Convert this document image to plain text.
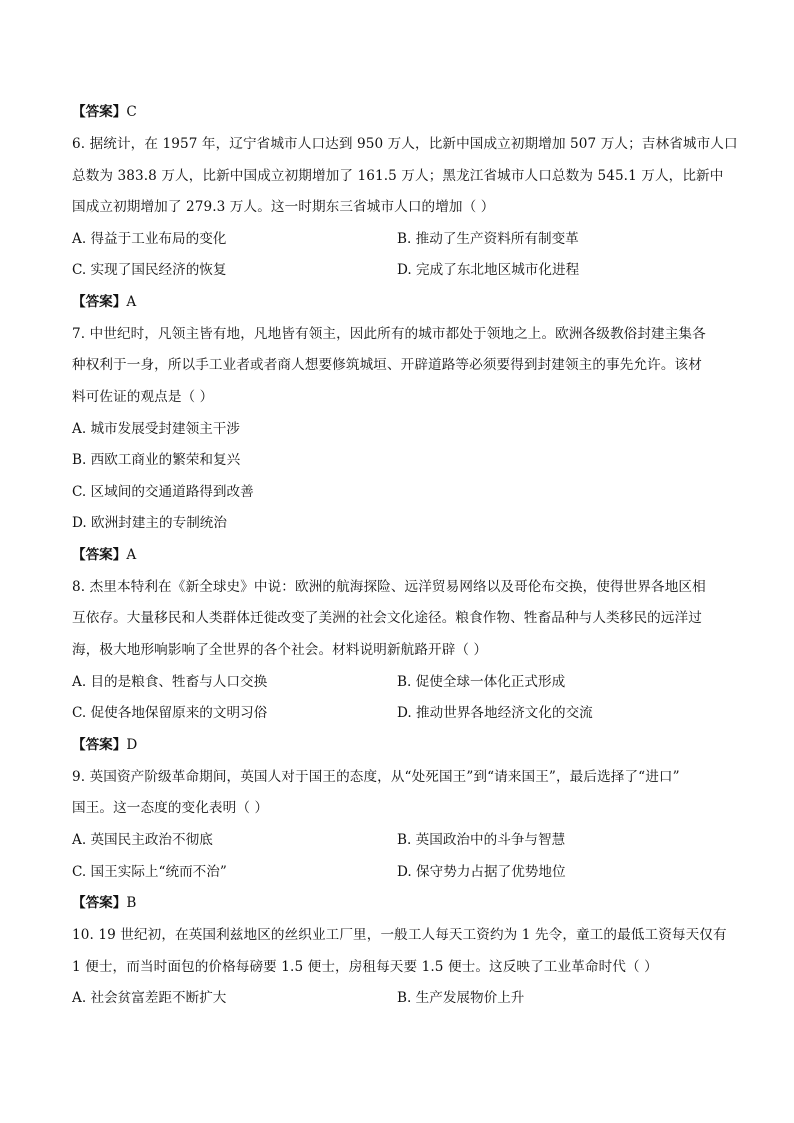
【答案】C
6. 据统计，在 1957 年，辽宁省城市人口达到 950 万人，比新中国成立初期增加 507 万人；吉林省城市人口
总数为 383.8 万人，比新中国成立初期增加了 161.5 万人；黑龙江省城市人口总数为 545.1 万人，比新中
国成立初期增加了 279.3 万人。这一时期东三省城市人口的增加（ ）
A. 得益于工业布局的变化	B. 推动了生产资料所有制变革
C. 实现了国民经济的恢复	D. 完成了东北地区城市化进程
【答案】A
7. 中世纪时，凡领主皆有地，凡地皆有领主，因此所有的城市都处于领地之上。欧洲各级教俗封建主集各
种权利于一身，所以手工业者或者商人想要修筑城垣、开辟道路等必须要得到封建领主的事先允许。该材
料可佐证的观点是（ ）
A. 城市发展受封建领主干涉
B. 西欧工商业的繁荣和复兴
C. 区域间的交通道路得到改善
D. 欧洲封建主的专制统治
【答案】A
8. 杰里本特利在《新全球史》中说：欧洲的航海探险、远洋贸易网络以及哥伦布交换，使得世界各地区相
互依存。大量移民和人类群体迁徙改变了美洲的社会文化途径。粮食作物、牲畜品种与人类移民的远洋过
海，极大地形响影响了全世界的各个社会。材料说明新航路开辟（ ）
A. 目的是粮食、牲畜与人口交换	B. 促使全球一体化正式形成
C. 促使各地保留原来的文明习俗	D. 推动世界各地经济文化的交流
【答案】D
9. 英国资产阶级革命期间，英国人对于国王的态度，从“处死国王”到“请来国王”，最后选择了“进口”
国王。这一态度的变化表明（ ）
A. 英国民主政治不彻底	B. 英国政治中的斗争与智慧
C. 国王实际上“统而不治”	D. 保守势力占据了优势地位
【答案】B
10. 19 世纪初，在英国利兹地区的丝织业工厂里，一般工人每天工资约为 1 先令，童工的最低工资每天仅有
1 便士，而当时面包的价格每磅要 1.5 便士，房租每天要 1.5 便士。这反映了工业革命时代（ ）
A. 社会贫富差距不断扩大	B. 生产发展物价上升
